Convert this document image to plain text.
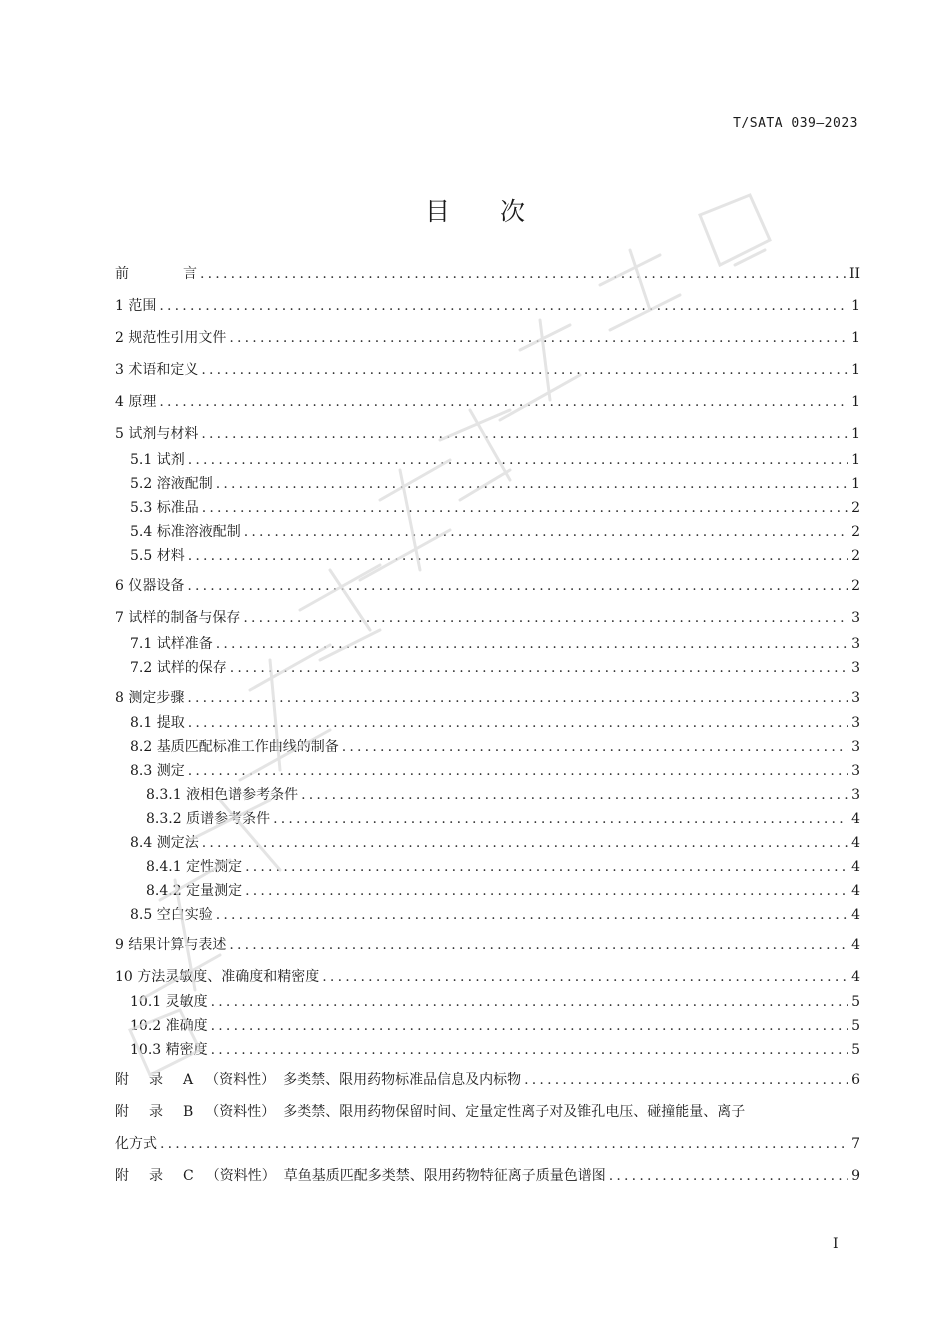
T/SATA 039—2023
目 次
前	言 .....	II
1 范围 .....	1
2 规范性引用文件 .....	1
3 术语和定义 .....	1
4 原理 .....	1
5 试剂与材料 .....	1
5.1 试剂 .....	1
5.2 溶液配制 .....	1
5.3 标准品 .....	2
5.4 标准溶液配制 .....	2
5.5 材料 .....	2
6 仪器设备 .....	2
7 试样的制备与保存 .....	3
7.1 试样准备 .....	3
7.2 试样的保存 .....	3
8 测定步骤 .....	3
8.1 提取 .....	3
8.2 基质匹配标准工作曲线的制备 .....	3
8.3 测定 .....	3
8.3.1 液相色谱参考条件 .....	3
8.3.2 质谱参考条件 .....	4
8.4 测定法 .....	4
8.4.1 定性测定 .....	4
8.4.2 定量测定 .....	4
8.5 空白实验 .....	4
9 结果计算与表述 .....	4
10 方法灵敏度、准确度和精密度 .....	4
10.1 灵敏度 .....	5
10.2 准确度 .....	5
10.3 精密度 .....	5
附 录 A （资料性） 多类禁、限用药物标准品信息及内标物 .....	6
附 录 B （资料性） 多类禁、限用药物保留时间、定量定性离子对及锥孔电压、碰撞能量、离子
化方式 .....	7
附 录 C （资料性） 草鱼基质匹配多类禁、限用药物特征离子质量色谱图 .....	9
I
